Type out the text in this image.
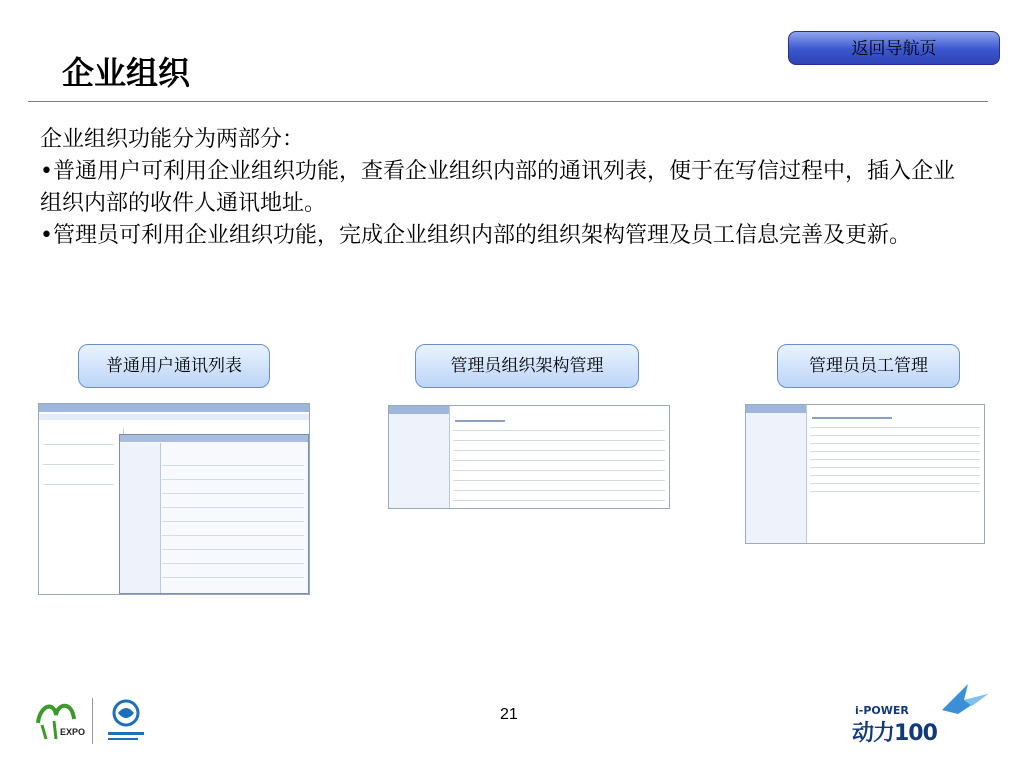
企业组织
返回导航页

企业组织功能分为两部分：

•普通用户可利用企业组织功能，查看企业组织内部的通讯列表，便于在写信过程中，插入企业组织内部的收件人通讯地址。

•管理员可利用企业组织功能，完成企业组织内部的组织架构管理及员工信息完善及更新。

普通用户通讯列表	管理员组织架构管理	管理员员工管理
21
EXPO
i-POWER
动力100
